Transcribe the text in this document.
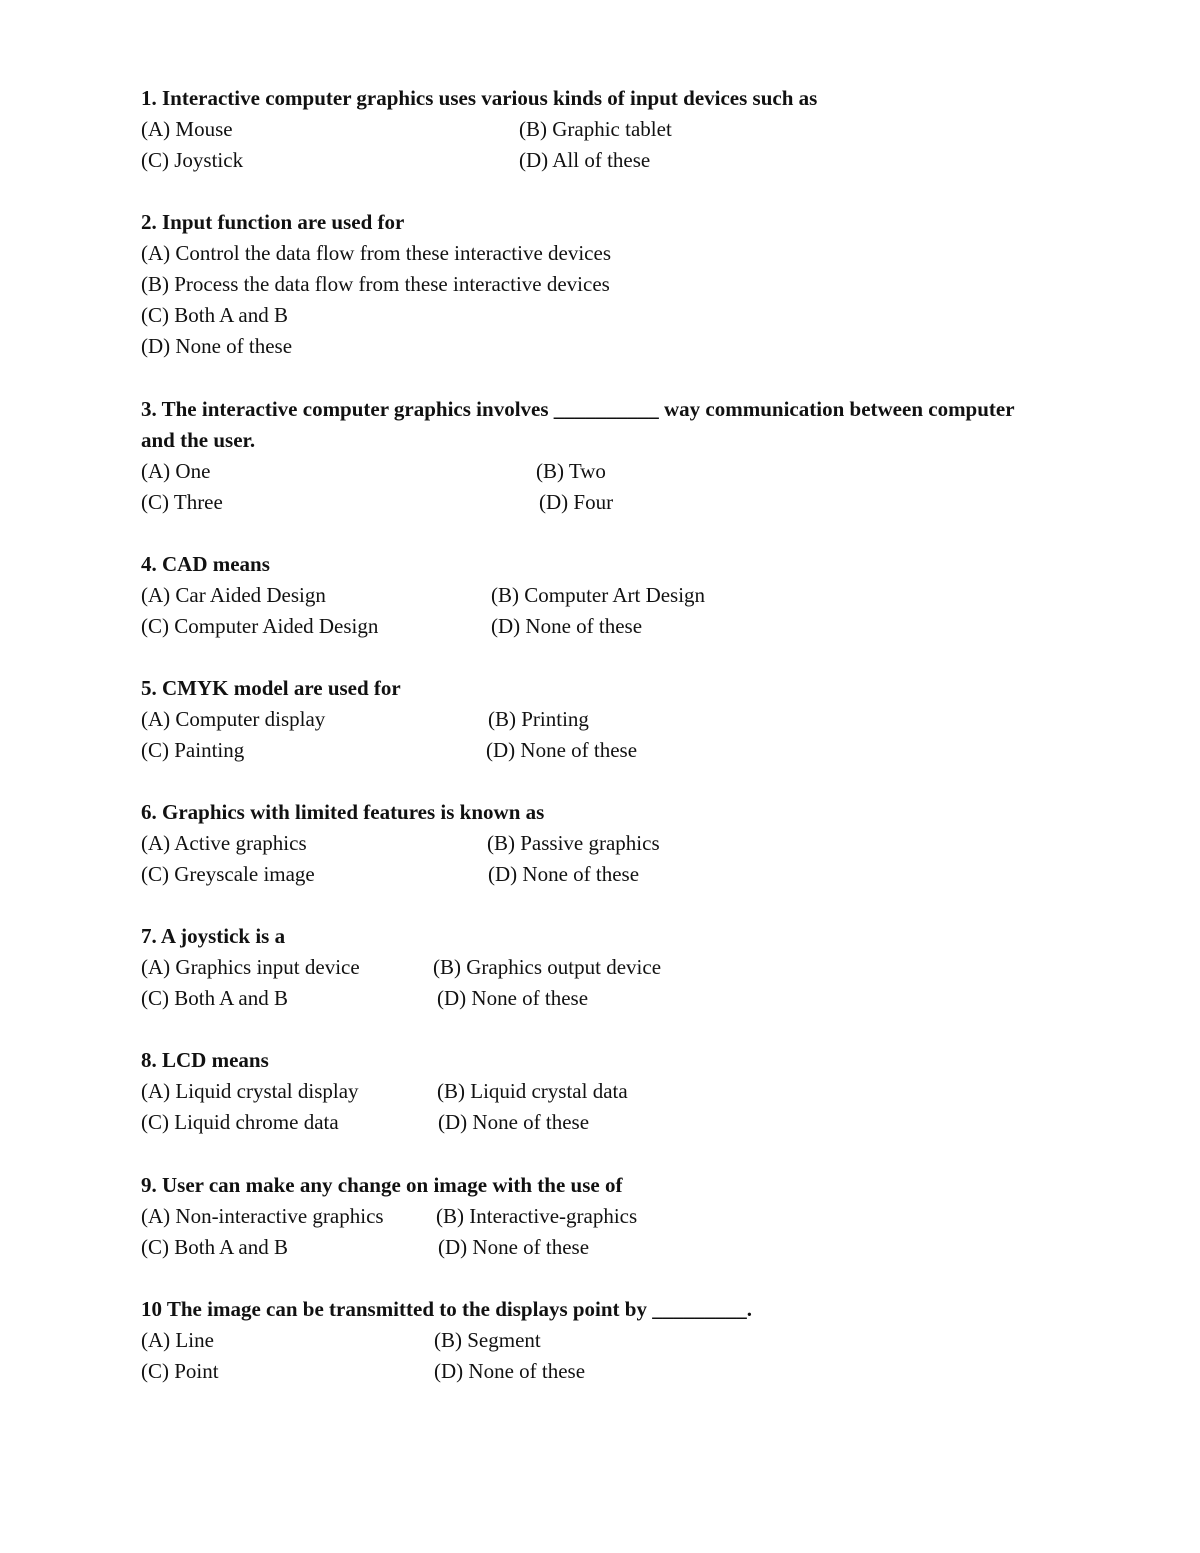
1. Interactive computer graphics uses various kinds of input devices such as
(A) Mouse	(B) Graphic tablet
(C) Joystick	(D) All of these
2. Input function are used for
(A) Control the data flow from these interactive devices
(B) Process the data flow from these interactive devices
(C) Both A and B
(D) None of these
3. The interactive computer graphics involves __________ way communication between computer and the user.
(A) One	(B) Two
(C) Three	(D) Four
4. CAD means
(A) Car Aided Design	(B) Computer Art Design
(C) Computer Aided Design	(D) None of these
5. CMYK model are used for
(A) Computer display	(B) Printing
(C) Painting	(D) None of these
6. Graphics with limited features is known as
(A) Active graphics	(B) Passive graphics
(C) Greyscale image	(D) None of these
7. A joystick is a
(A) Graphics input device	(B) Graphics output device
(C) Both A and B	(D) None of these
8. LCD means
(A) Liquid crystal display	(B) Liquid crystal data
(C) Liquid chrome data	(D) None of these
9. User can make any change on image with the use of
(A) Non-interactive graphics (B) Interactive-graphics
(C) Both A and B	(D) None of these
10 The image can be transmitted to the displays point by _________.
(A) Line	(B) Segment
(C) Point	(D) None of these
